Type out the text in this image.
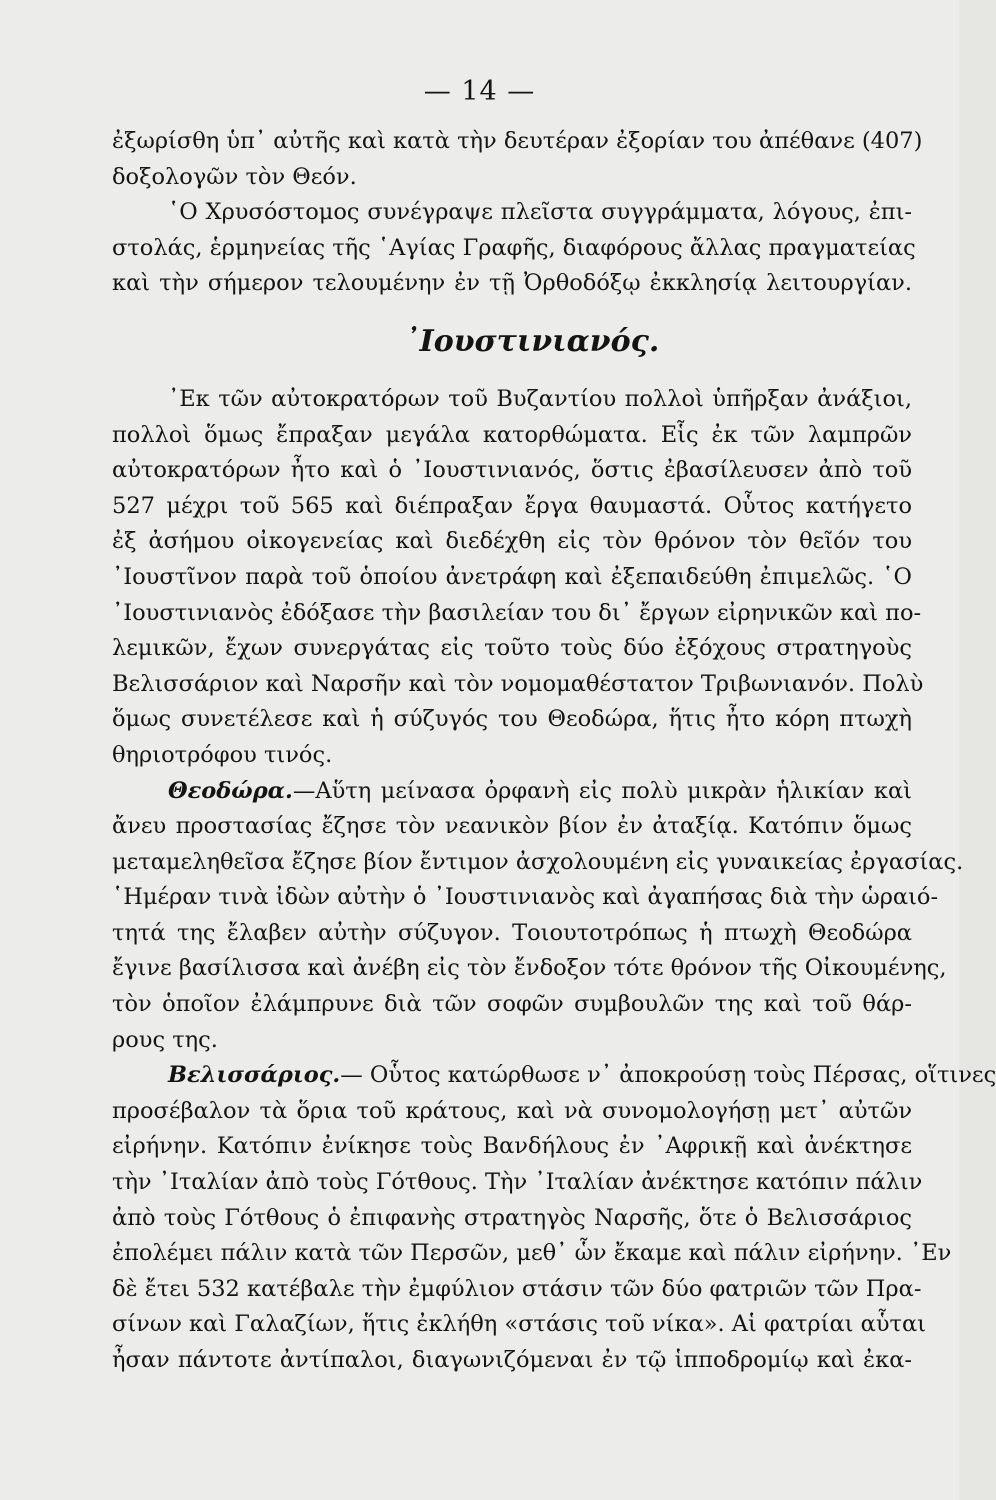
— 14 —
ἐξωρίσθη ὑπ᾿ αὐτῆς καὶ κατὰ τὴν δευτέραν ἐξορίαν του ἀπέθανε (407)
δοξολογῶν τὸν Θεόν.
῾Ο Χρυσόστομος συνέγραψε πλεῖστα συγγράμματα, λόγους, ἐπι-
στολάς, ἑρμηνείας τῆς ῾Αγίας Γραφῆς, διαφόρους ἄλλας πραγματείας
καὶ τὴν σήμερον τελουμένην ἐν τῇ Ὀρθοδόξῳ ἐκκλησίᾳ λειτουργίαν.
᾿Ιουστινιανός.
᾿Εκ τῶν αὐτοκρατόρων τοῦ Βυζαντίου πολλοὶ ὑπῆρξαν ἀνάξιοι,
πολλοὶ ὅμως ἔπραξαν μεγάλα κατορθώματα. Εἷς ἐκ τῶν λαμπρῶν
αὐτοκρατόρων ἦτο καὶ ὁ ᾿Ιουστινιανός, ὅστις ἐβασίλευσεν ἀπὸ τοῦ
527 μέχρι τοῦ 565 καὶ διέπραξαν ἔργα θαυμαστά. Οὗτος κατήγετο
ἐξ ἀσήμου οἰκογενείας καὶ διεδέχθη εἰς τὸν θρόνον τὸν θεῖόν του
᾿Ιουστῖνον παρὰ τοῦ ὁποίου ἀνετράφη καὶ ἐξεπαιδεύθη ἐπιμελῶς. ῾Ο
᾿Ιουστινιανὸς ἐδόξασε τὴν βασιλείαν του δι᾿ ἔργων εἰρηνικῶν καὶ πο-
λεμικῶν, ἔχων συνεργάτας εἰς τοῦτο τοὺς δύο ἐξόχους στρατηγοὺς
Βελισσάριον καὶ Ναρσῆν καὶ τὸν νομομαθέστατον Τριβωνιανόν. Πολὺ
ὅμως συνετέλεσε καὶ ἡ σύζυγός του Θεοδώρα, ἥτις ἦτο κόρη πτωχὴ
θηριοτρόφου τινός.
Θεοδώρα. —Αὕτη μείνασα ὀρφανὴ εἰς πολὺ μικρὰν ἡλικίαν καὶ
ἄνευ προστασίας ἔζησε τὸν νεανικὸν βίον ἐν ἀταξίᾳ. Κατόπιν ὅμως
μεταμεληθεῖσα ἔζησε βίον ἔντιμον ἀσχολουμένη εἰς γυναικείας ἐργασίας.
῾Ημέραν τινὰ ἰδὼν αὐτὴν ὁ ᾿Ιουστινιανὸς καὶ ἀγαπήσας διὰ τὴν ὡραιό-
τητά της ἔλαβεν αὐτὴν σύζυγον. Τοιουτοτρόπως ἡ πτωχὴ Θεοδώρα
ἔγινε βασίλισσα καὶ ἀνέβη εἰς τὸν ἔνδοξον τότε θρόνον τῆς Οἰκουμένης,
τὸν ὁποῖον ἐλάμπρυνε διὰ τῶν σοφῶν συμβουλῶν της καὶ τοῦ θάρ-
ρους της.
Βελισσάριος. — Οὗτος κατώρθωσε ν᾿ ἀποκρούσῃ τοὺς Πέρσας, οἵτινες
προσέβαλον τὰ ὅρια τοῦ κράτους, καὶ νὰ συνομολογήσῃ μετ᾿ αὐτῶν
εἰρήνην. Κατόπιν ἐνίκησε τοὺς Βανδήλους ἐν ᾿Αφρικῇ καὶ ἀνέκτησε
τὴν ᾿Ιταλίαν ἀπὸ τοὺς Γότθους. Τὴν ᾿Ιταλίαν ἀνέκτησε κατόπιν πάλιν
ἀπὸ τοὺς Γότθους ὁ ἐπιφανὴς στρατηγὸς Ναρσῆς, ὅτε ὁ Βελισσάριος
ἐπολέμει πάλιν κατὰ τῶν Περσῶν, μεθ᾿ ὧν ἔκαμε καὶ πάλιν εἰρήνην. ᾿Εν
δὲ ἔτει 532 κατέβαλε τὴν ἐμφύλιον στάσιν τῶν δύο φατριῶν τῶν Πρα-
σίνων καὶ Γαλαζίων, ἥτις ἐκλήθη «στάσις τοῦ νίκα». Αἱ φατρίαι αὗται
ἦσαν πάντοτε ἀντίπαλοι, διαγωνιζόμεναι ἐν τῷ ἱπποδρομίῳ καὶ ἐκα-
